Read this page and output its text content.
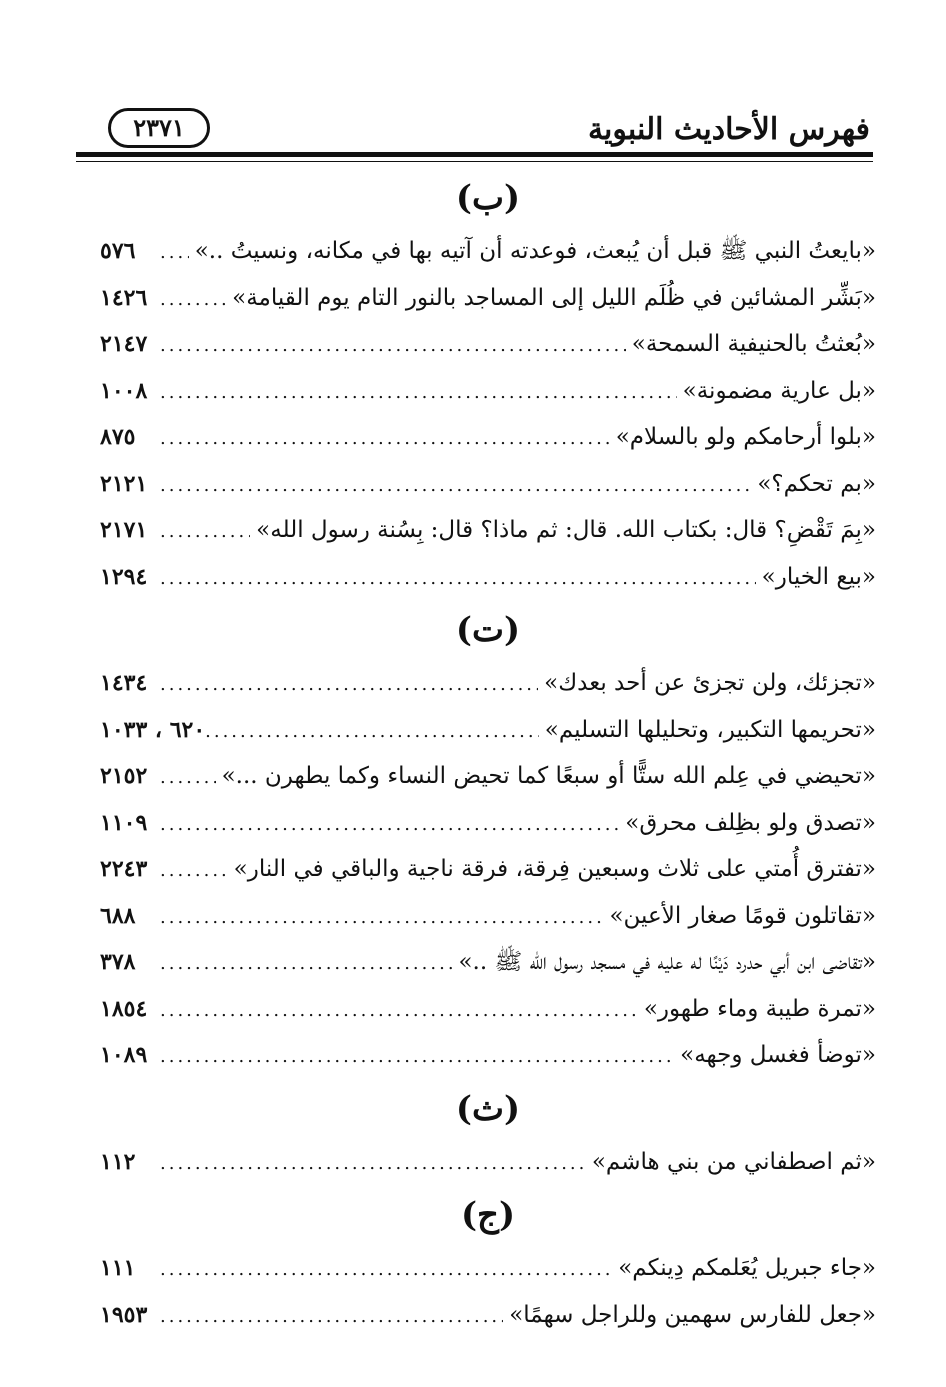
فهرس الأحاديث النبوية
٢٣٧١
(ب)
«بايعتُ النبي ﷺ قبل أن يُبعث، فوعدته أن آتيه بها في مكانه، ونسيتُ ..»
.....
٥٧٦
«بَشِّر المشائين في ظُلَم الليل إلى المساجد بالنور التام يوم القيامة»
.....
١٤٢٦
«بُعثتُ بالحنيفية السمحة»
.....
٢١٤٧
«بل عارية مضمونة»
.....
١٠٠٨
«بلوا أرحامكم ولو بالسلام»
.....
٨٧٥
«بم تحكم؟»
.....
٢١٢١
«بِمَ تَقْضِ؟ قال: بكتاب الله. قال: ثم ماذا؟ قال: بِسُنة رسول الله»
.....
٢١٧١
«بيع الخيار»
.....
١٢٩٤
(ت)
«تجزئك، ولن تجزئ عن أحد بعدك»
.....
١٤٣٤
«تحريمها التكبير، وتحليلها التسليم»
.....
٦٢٠ ، ١٠٣٣
«تحيضي في عِلم الله ستًّا أو سبعًا كما تحيض النساء وكما يطهرن ...»
.....
٢١٥٢
«تصدق ولو بظِلف محرق»
.....
١١٠٩
«تفترق أُمتي على ثلاث وسبعين فِرقة، فرقة ناجية والباقي في النار»
.....
٢٢٤٣
«تقاتلون قومًا صغار الأعين»
.....
٦٨٨
«تقاضى ابن أبي حدرد دَيْنًا له عليه في مسجد رسول الله ﷺ ..»
.....
٣٧٨
«تمرة طيبة وماء طهور»
.....
١٨٥٤
«توضأ فغسل وجهه»
.....
١٠٨٩
(ث)
«ثم اصطفاني من بني هاشم»
.....
١١٢
(ج)
«جاء جبريل يُعَلمكم دِينكم»
.....
١١١
«جعل للفارس سهمين وللراجل سهمًا»
.....
١٩٥٣
